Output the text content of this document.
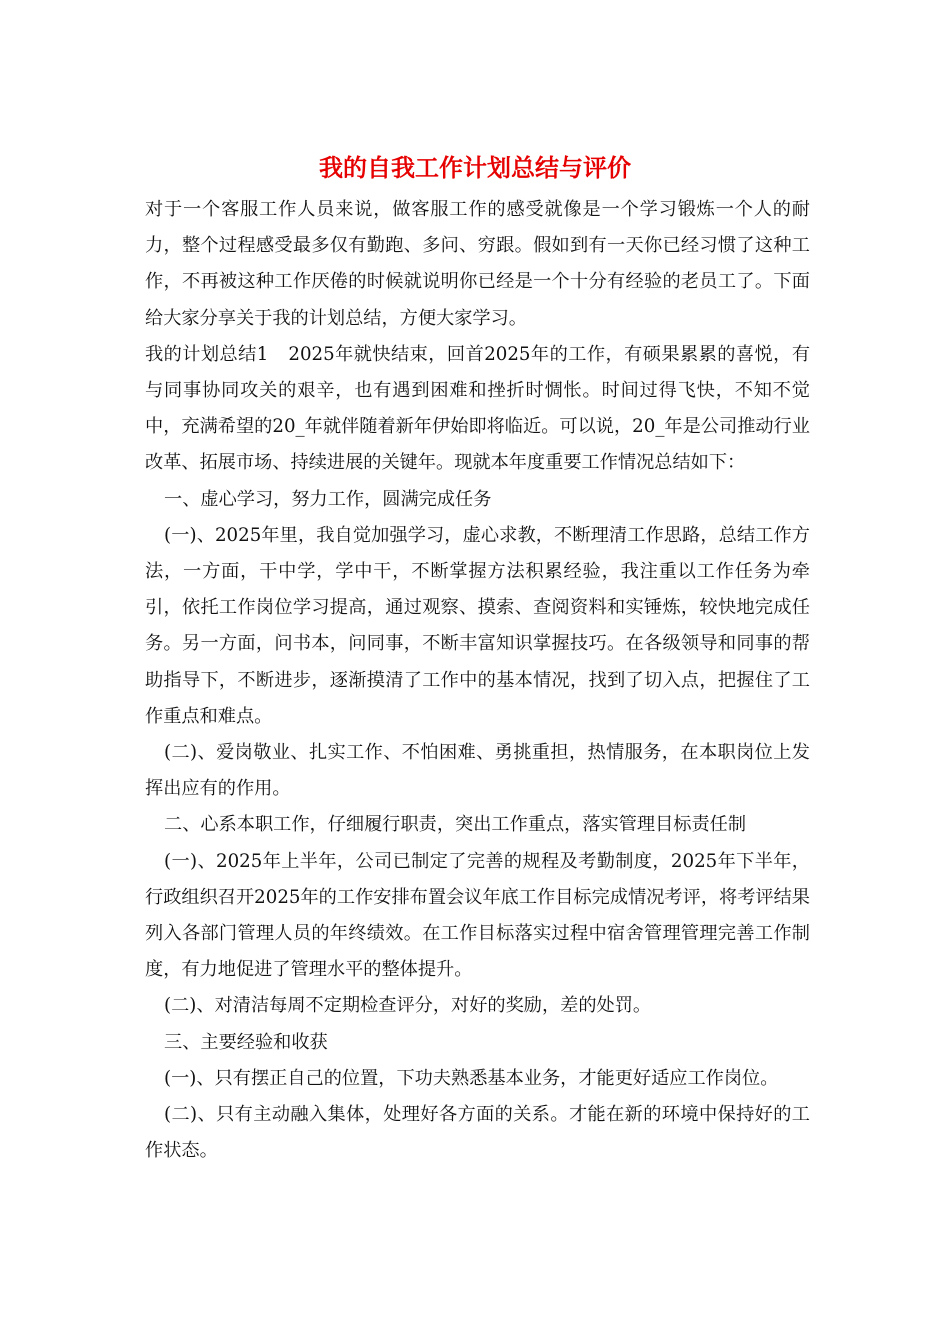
我的自我工作计划总结与评价

对于一个客服工作人员来说，做客服工作的感受就像是一个学习锻炼一个人的耐力，整个过程感受最多仅有勤跑、多问、穷跟。假如到有一天你已经习惯了这种工作，不再被这种工作厌倦的时候就说明你已经是一个十分有经验的老员工了。下面给大家分享关于我的计划总结，方便大家学习。

我的计划总结1 2025年就快结束，回首2025年的工作，有硕果累累的喜悦，有与同事协同攻关的艰辛，也有遇到困难和挫折时惆怅。时间过得飞快，不知不觉中，充满希望的20_年就伴随着新年伊始即将临近。可以说，20_年是公司推动行业改革、拓展市场、持续进展的关键年。现就本年度重要工作情况总结如下：

一、虚心学习，努力工作，圆满完成任务

(一)、2025年里，我自觉加强学习，虚心求教，不断理清工作思路，总结工作方法，一方面，干中学，学中干，不断掌握方法积累经验，我注重以工作任务为牵引，依托工作岗位学习提高，通过观察、摸索、查阅资料和实锤炼，较快地完成任务。另一方面，问书本，问同事，不断丰富知识掌握技巧。在各级领导和同事的帮助指导下，不断进步，逐渐摸清了工作中的基本情况，找到了切入点，把握住了工作重点和难点。

(二)、爱岗敬业、扎实工作、不怕困难、勇挑重担，热情服务，在本职岗位上发挥出应有的作用。

二、心系本职工作，仔细履行职责，突出工作重点，落实管理目标责任制

(一)、2025年上半年，公司已制定了完善的规程及考勤制度，2025年下半年，行政组织召开2025年的工作安排布置会议年底工作目标完成情况考评，将考评结果列入各部门管理人员的年终绩效。在工作目标落实过程中宿舍管理管理完善工作制度，有力地促进了管理水平的整体提升。

(二)、对清洁每周不定期检查评分，对好的奖励，差的处罚。

三、主要经验和收获

(一)、只有摆正自己的位置，下功夫熟悉基本业务，才能更好适应工作岗位。

(二)、只有主动融入集体，处理好各方面的关系。才能在新的环境中保持好的工作状态。
